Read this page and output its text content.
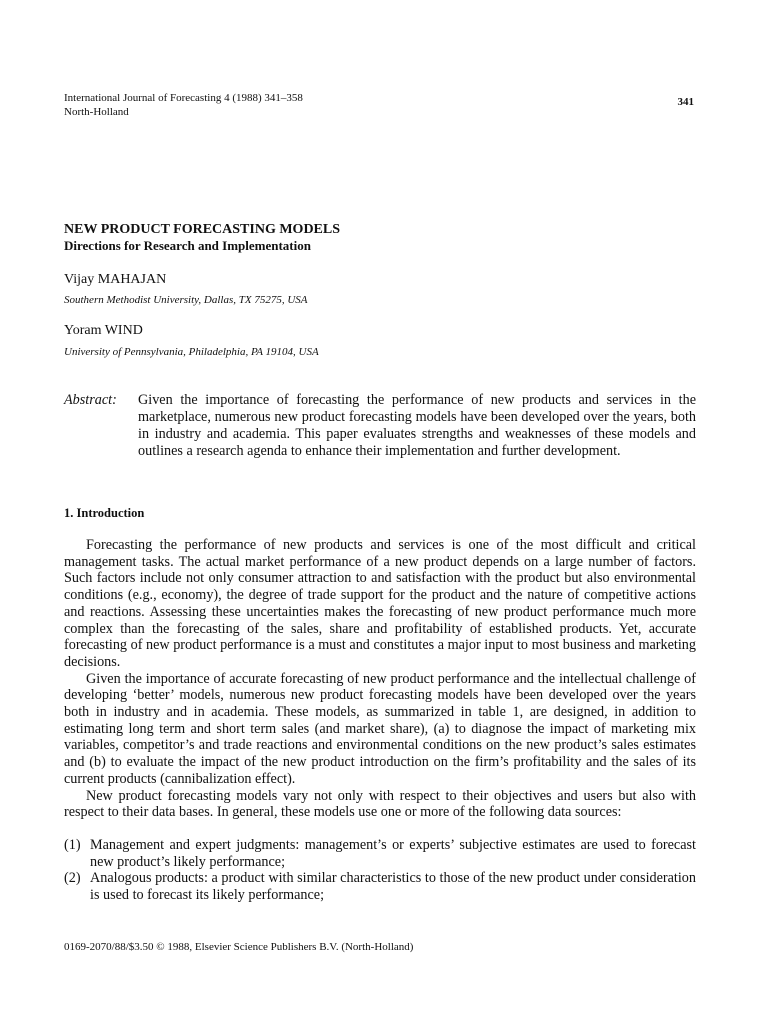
International Journal of Forecasting 4 (1988) 341–358
North-Holland
341
NEW PRODUCT FORECASTING MODELS
Directions for Research and Implementation
Vijay MAHAJAN
Southern Methodist University, Dallas, TX 75275, USA
Yoram WIND
University of Pennsylvania, Philadelphia, PA 19104, USA
Abstract:	Given the importance of forecasting the performance of new products and services in the marketplace, numerous new product forecasting models have been developed over the years, both in industry and academia. This paper evaluates strengths and weaknesses of these models and outlines a research agenda to enhance their implementation and further development.
1. Introduction

Forecasting the performance of new products and services is one of the most difficult and critical management tasks. The actual market performance of a new product depends on a large number of factors. Such factors include not only consumer attraction to and satisfaction with the product but also environmental conditions (e.g., economy), the degree of trade support for the product and the nature of competitive actions and reactions. Assessing these uncertainties makes the forecasting of new product performance much more complex than the forecasting of the sales, share and profitability of established products. Yet, accurate forecasting of new product performance is a must and constitutes a major input to most business and marketing decisions.

Given the importance of accurate forecasting of new product performance and the intellectual challenge of developing ‘better’ models, numerous new product forecasting models have been developed over the years both in industry and in academia. These models, as summarized in table 1, are designed, in addition to estimating long term and short term sales (and market share), (a) to diagnose the impact of marketing mix variables, competitor’s and trade reactions and environmental conditions on the new product’s sales estimates and (b) to evaluate the impact of the new product introduction on the firm’s profitability and the sales of its current products (cannibalization effect).

New product forecasting models vary not only with respect to their objectives and users but also with respect to their data bases. In general, these models use one or more of the following data sources:

(1) Management and expert judgments: management’s or experts’ subjective estimates are used to forecast new product’s likely performance;
(2) Analogous products: a product with similar characteristics to those of the new product under consideration is used to forecast its likely performance;
0169-2070/88/$3.50 © 1988, Elsevier Science Publishers B.V. (North-Holland)
